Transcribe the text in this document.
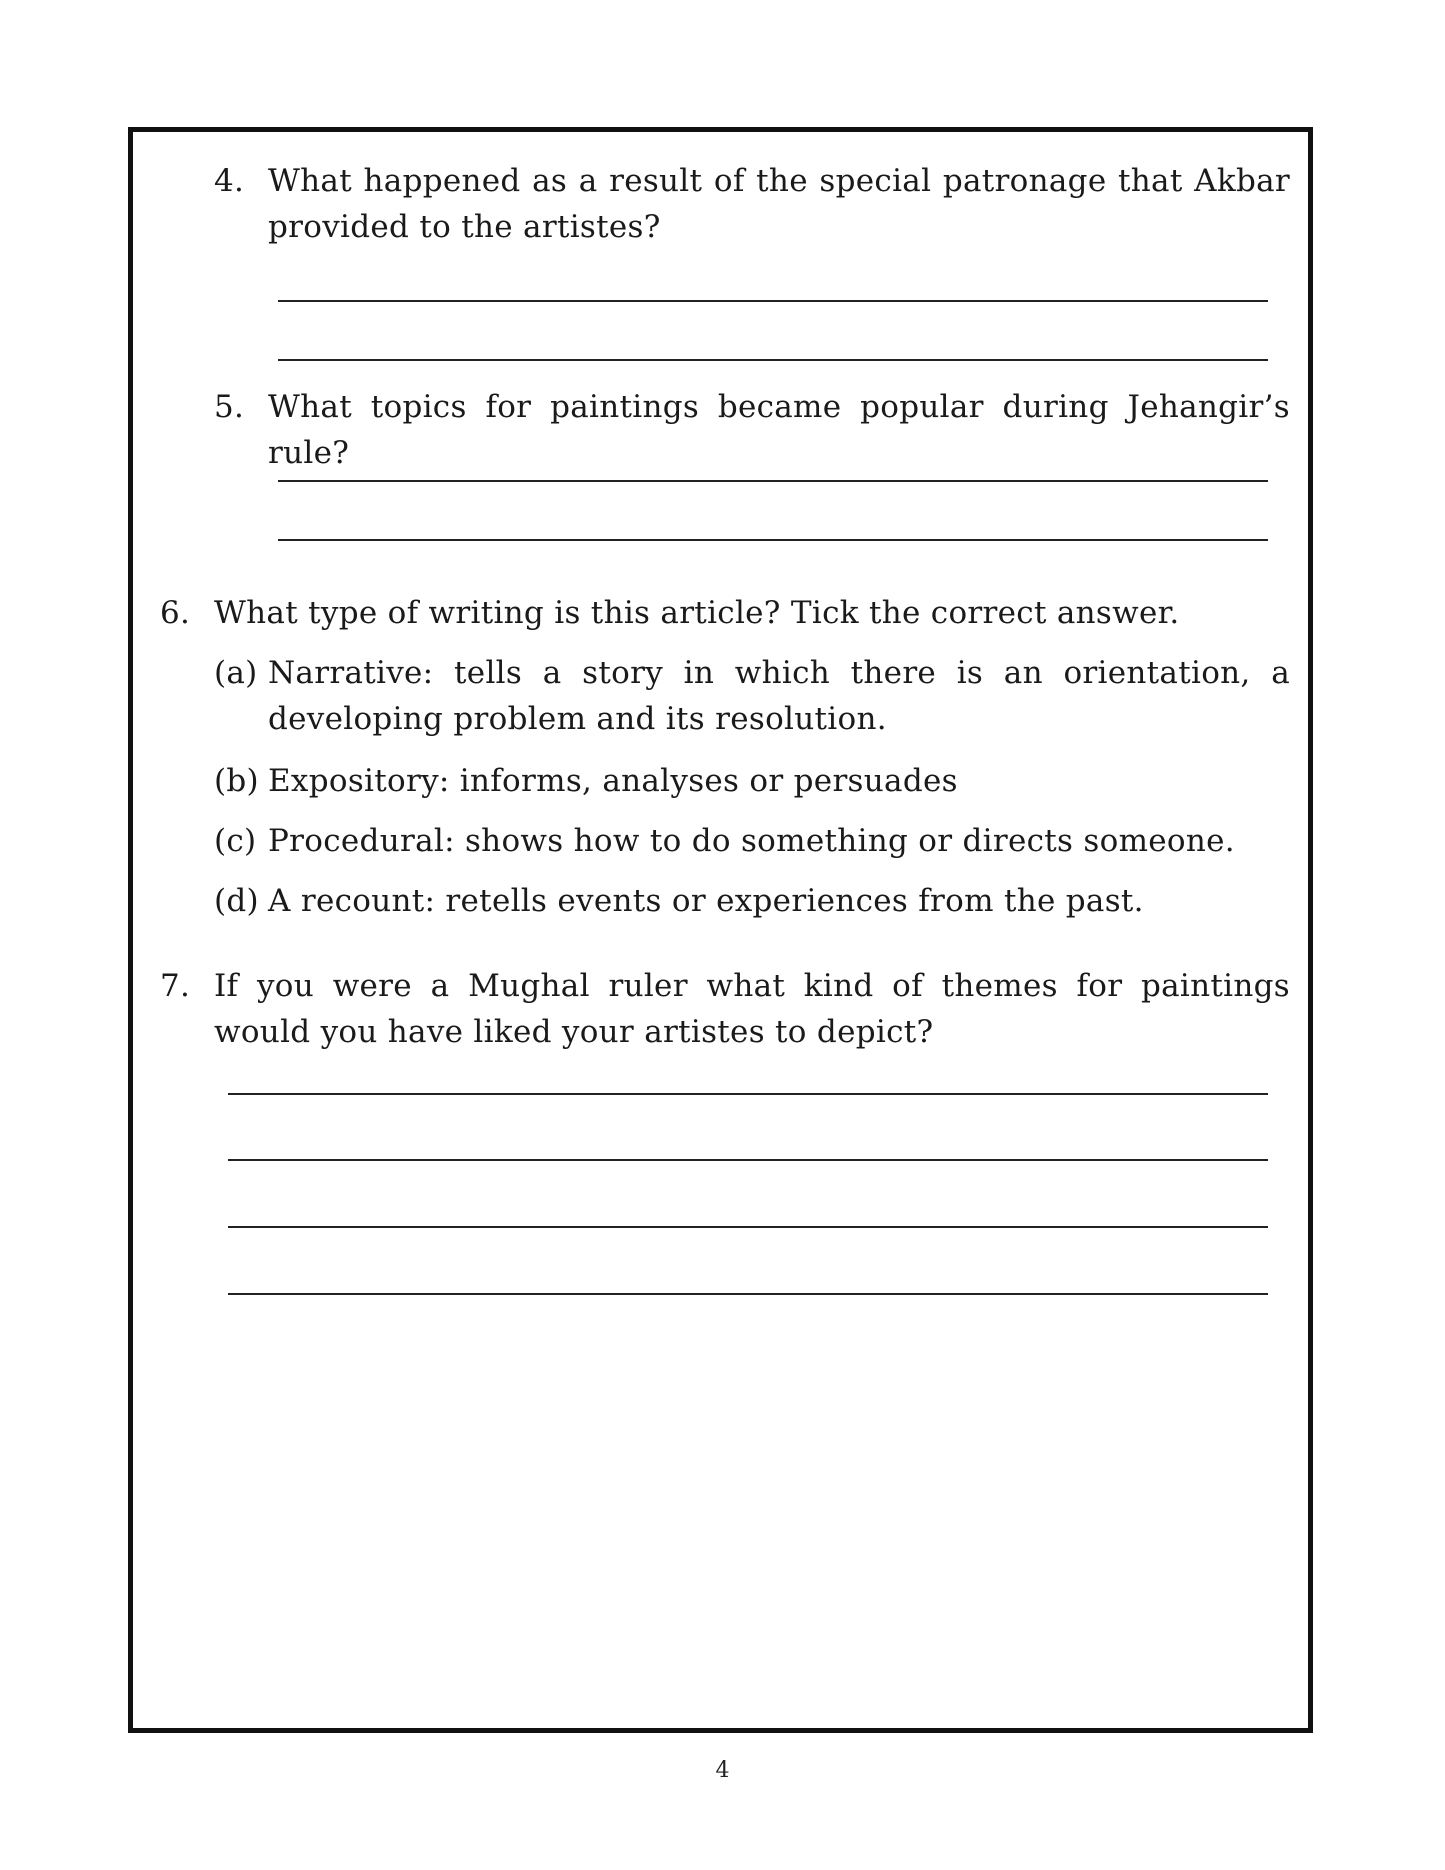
4. What happened as a result of the special patronage that Akbar provided to the artistes?
5. What topics for paintings became popular during Jehangir’s rule?
6. What type of writing is this article? Tick the correct answer.
(a) Narrative: tells a story in which there is an orientation, a developing problem and its resolution.
(b) Expository: informs, analyses or persuades
(c) Procedural: shows how to do something or directs someone.
(d) A recount: retells events or experiences from the past.
7. If you were a Mughal ruler what kind of themes for paintings would you have liked your artistes to depict?
4
